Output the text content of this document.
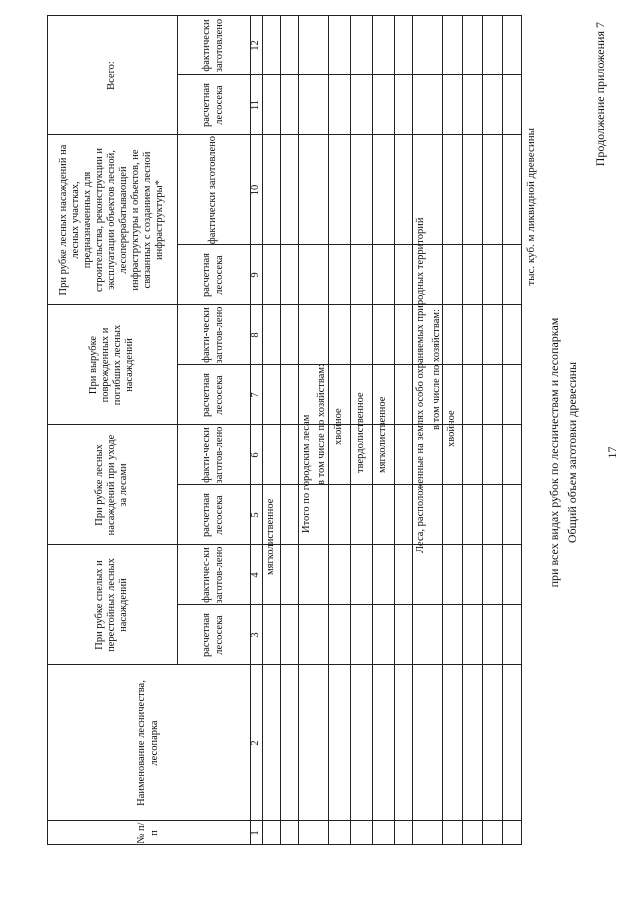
17
Продолжение приложения 7
Общий объем заготовки древесины
при всех видах рубок по лесничествам и лесопаркам
тыс. куб. м ликвидной древесины
№ п/п
Наименование лесничества, лесопарка
При рубке спелых и перестойных лесных насаждений
При рубке лесных насаждений при уходе за лесами
При вырубке поврежденных и погибших лесных насаждений
При рубке лесных насаждений на лесных участках, предназначенных для строительства, реконструкции и эксплуатации объектов лесной, лесоперерабатывающей инфраструктуры и объектов, не связанных с созданием лесной инфраструктуры*
Всего:
расчетная лесосека
фактичес-ки заготов-лено
расчетная лесосека
факти-чески заготов-лено
расчетная лесосека
факти-чески заготов-лено
расчетная лесосека
фактически заготовлено
расчетная лесосека
фактически заготовлено
1
2
3
4
5
6
7
8
9
10
11
12
мягколиственное
Итого по городским лесам в том числе по хозяйствам: хвойное твердолиственное мягколиственное	Леса, расположенные на землях особо охраняемых природных территорий в том числе по хозяйствам: хвойное
